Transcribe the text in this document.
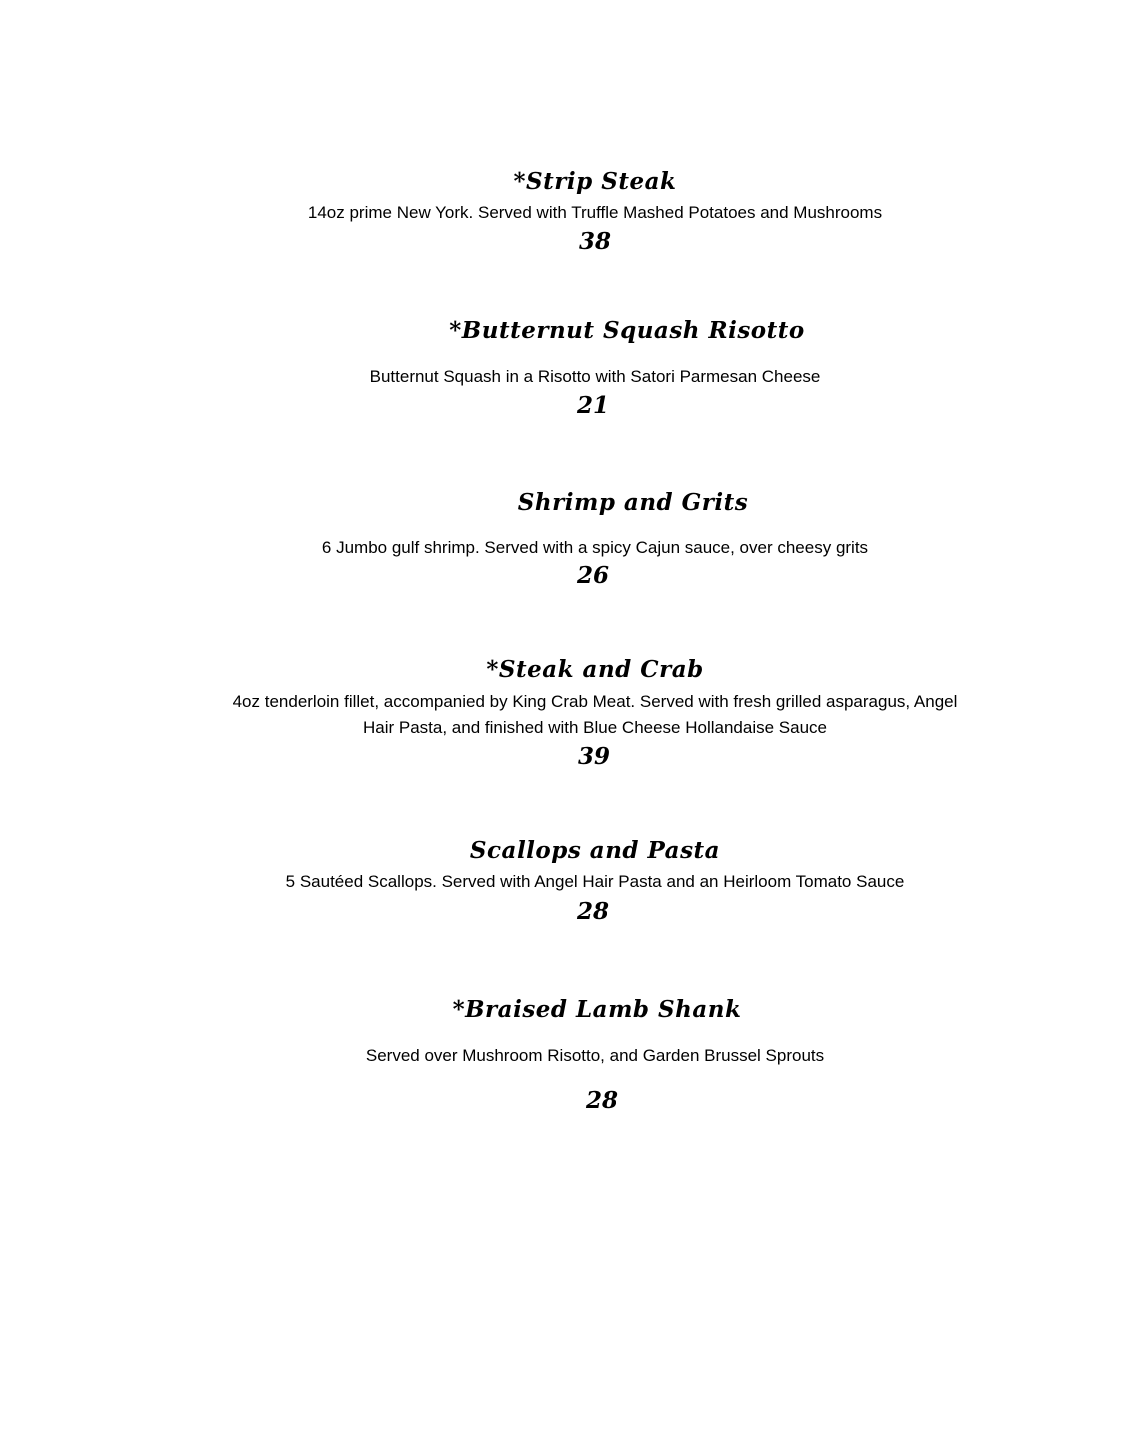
*Strip Steak
14oz prime New York. Served with Truffle Mashed Potatoes and Mushrooms
38
*Butternut Squash Risotto
Butternut Squash in a Risotto with Satori Parmesan Cheese
21
Shrimp and Grits
6 Jumbo gulf shrimp. Served with a spicy Cajun sauce, over cheesy grits
26
*Steak and Crab
4oz tenderloin fillet, accompanied by King Crab Meat. Served with fresh grilled asparagus, Angel
Hair Pasta, and finished with Blue Cheese Hollandaise Sauce
39
Scallops and Pasta
5 Sautéed Scallops. Served with Angel Hair Pasta and an Heirloom Tomato Sauce
28
*Braised Lamb Shank
Served over Mushroom Risotto, and Garden Brussel Sprouts
28
